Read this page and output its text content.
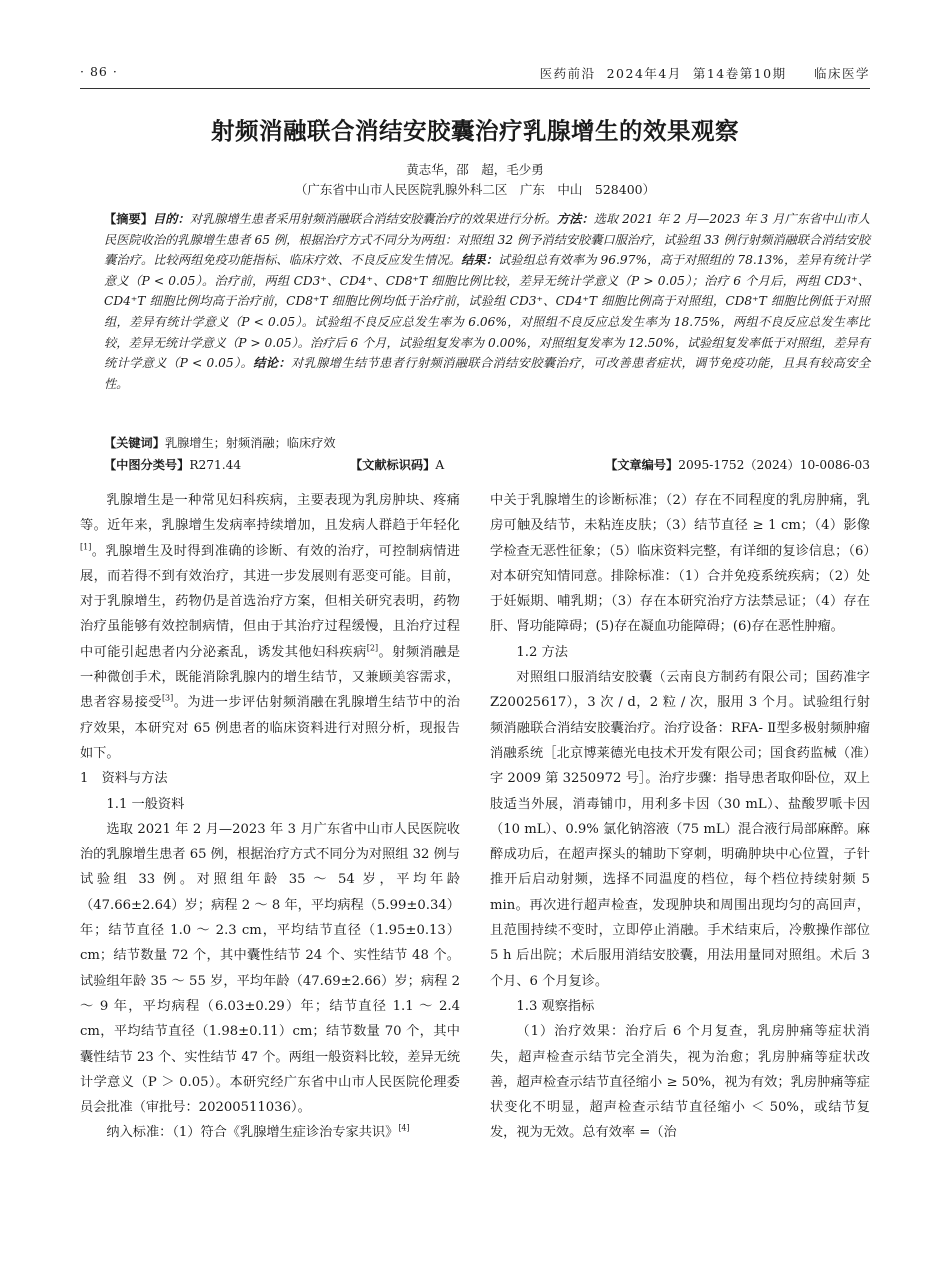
· 86 ·	医药前沿  2024年4月  第14卷第10期     临床医学
射频消融联合消结安胶囊治疗乳腺增生的效果观察
黄志华，邵　超，毛少勇
（广东省中山市人民医院乳腺外科二区　广东　中山　528400）
【摘要】目的：对乳腺增生患者采用射频消融联合消结安胶囊治疗的效果进行分析。方法：选取 2021 年 2 月—2023 年 3 月广东省中山市人民医院收治的乳腺增生患者 65 例，根据治疗方式不同分为两组：对照组 32 例予消结安胶囊口服治疗，试验组 33 例行射频消融联合消结安胶囊治疗。比较两组免疫功能指标、临床疗效、不良反应发生情况。结果：试验组总有效率为 96.97%，高于对照组的 78.13%，差异有统计学意义（P < 0.05）。治疗前，两组 CD3⁺、CD4⁺、CD8⁺T 细胞比例比较，差异无统计学意义（P > 0.05）；治疗 6 个月后，两组 CD3⁺、CD4⁺T 细胞比例均高于治疗前，CD8⁺T 细胞比例均低于治疗前，试验组 CD3⁺、CD4⁺T 细胞比例高于对照组，CD8⁺T 细胞比例低于对照组，差异有统计学意义（P < 0.05）。试验组不良反应总发生率为 6.06%，对照组不良反应总发生率为 18.75%，两组不良反应总发生率比较，差异无统计学意义（P > 0.05）。治疗后 6 个月，试验组复发率为 0.00%，对照组复发率为 12.50%，试验组复发率低于对照组，差异有统计学意义（P < 0.05）。结论：对乳腺增生结节患者行射频消融联合消结安胶囊治疗，可改善患者症状，调节免疫功能，且具有较高安全性。
【关键词】乳腺增生；射频消融；临床疗效
【中图分类号】R271.44	【文献标识码】A	【文章编号】2095-1752（2024）10-0086-03

乳腺增生是一种常见妇科疾病，主要表现为乳房肿块、疼痛等。近年来，乳腺增生发病率持续增加，且发病人群趋于年轻化[1]。乳腺增生及时得到准确的诊断、有效的治疗，可控制病情进展，而若得不到有效治疗，其进一步发展则有恶变可能。目前，对于乳腺增生，药物仍是首选治疗方案，但相关研究表明，药物治疗虽能够有效控制病情，但由于其治疗过程缓慢，且治疗过程中可能引起患者内分泌紊乱，诱发其他妇科疾病[2]。射频消融是一种微创手术，既能消除乳腺内的增生结节，又兼顾美容需求，患者容易接受[3]。为进一步评估射频消融在乳腺增生结节中的治疗效果，本研究对 65 例患者的临床资料进行对照分析，现报告如下。

1　 资料与方法

1.1 一般资料

选取 2021 年 2 月—2023 年 3 月广东省中山市人民医院收治的乳腺增生患者 65 例，根据治疗方式不同分为对照组 32 例与试验组 33 例。对照组年龄 35 ～ 54 岁，平均年龄（47.66±2.64）岁；病程 2 ～ 8 年，平均病程（5.99±0.34）年；结节直径 1.0 ～ 2.3 cm，平均结节直径（1.95±0.13）cm；结节数量 72 个，其中囊性结节 24 个、实性结节 48 个。试验组年龄 35 ～ 55 岁，平均年龄（47.69±2.66）岁；病程 2 ～ 9 年，平均病程（6.03±0.29）年；结节直径 1.1 ～ 2.4 cm，平均结节直径（1.98±0.11）cm；结节数量 70 个，其中囊性结节 23 个、实性结节 47 个。两组一般资料比较，差异无统计学意义（P ＞ 0.05）。本研究经广东省中山市人民医院伦理委员会批准（审批号：20200511036）。

纳入标准：（1）符合《乳腺增生症诊治专家共识》[4]

中关于乳腺增生的诊断标准；（2）存在不同程度的乳房肿痛，乳房可触及结节，未粘连皮肤；（3）结节直径 ≥ 1 cm；（4）影像学检查无恶性征象；（5）临床资料完整，有详细的复诊信息；（6）对本研究知情同意。排除标准：（1）合并免疫系统疾病；（2）处于妊娠期、哺乳期；（3）存在本研究治疗方法禁忌证；（4）存在肝、肾功能障碍；(5)存在凝血功能障碍；(6)存在恶性肿瘤。

1.2 方法

对照组口服消结安胶囊（云南良方制药有限公司；国药准字 Z20025617），3 次 / d，2 粒 / 次，服用 3 个月。试验组行射频消融联合消结安胶囊治疗。治疗设备：RFA- Ⅱ型多极射频肿瘤消融系统［北京博莱德光电技术开发有限公司；国食药监械（准）字 2009 第 3250972 号］。治疗步骤：指导患者取仰卧位，双上肢适当外展，消毒铺巾，用利多卡因（30 mL）、盐酸罗哌卡因（10 mL）、0.9% 氯化钠溶液（75 mL）混合液行局部麻醉。麻醉成功后，在超声探头的辅助下穿刺，明确肿块中心位置，子针推开后启动射频，选择不同温度的档位，每个档位持续射频 5 min。再次进行超声检查，发现肿块和周围出现均匀的高回声，且范围持续不变时，立即停止消融。手术结束后，冷敷操作部位 5 h 后出院；术后服用消结安胶囊，用法用量同对照组。术后 3 个月、6 个月复诊。

1.3 观察指标

（1）治疗效果：治疗后 6 个月复查，乳房肿痛等症状消失，超声检查示结节完全消失，视为治愈；乳房肿痛等症状改善，超声检查示结节直径缩小 ≥ 50%，视为有效；乳房肿痛等症状变化不明显，超声检查示结节直径缩小 ＜ 50%，或结节复发，视为无效。总有效率 =（治
